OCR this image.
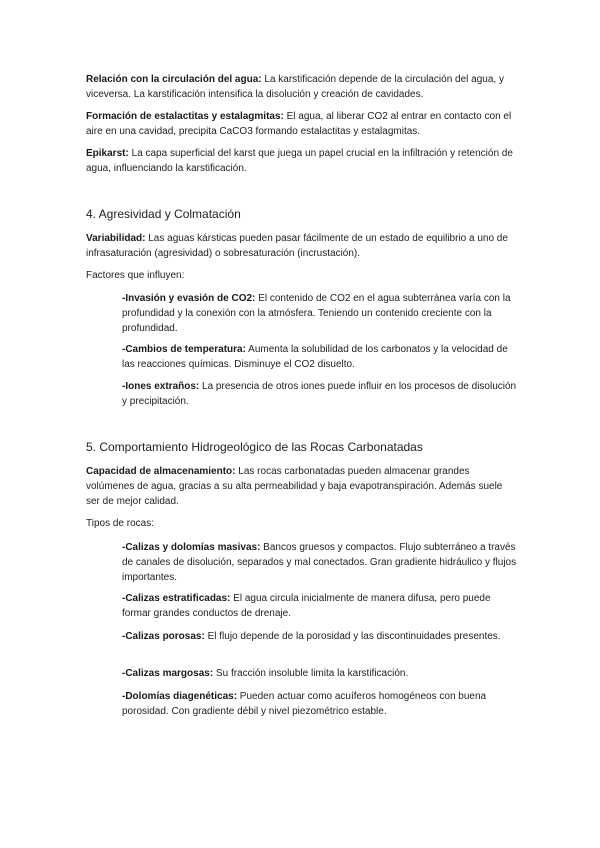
Relación con la circulación del agua: La karstificación depende de la circulación del agua, y viceversa. La karstificación intensifica la disolución y creación de cavidades.

Formación de estalactitas y estalagmitas: El agua, al liberar CO2 al entrar en contacto con el aire en una cavidad, precipita CaCO3 formando estalactitas y estalagmitas.

Epikarst: La capa superficial del karst que juega un papel crucial en la infiltración y retención de agua, influenciando la karstificación.

4. Agresividad y Colmatación

Variabilidad: Las aguas kársticas pueden pasar fácilmente de un estado de equilibrio a uno de infrasaturación (agresividad) o sobresaturación (incrustación).

Factores que influyen:

-Invasión y evasión de CO2: El contenido de CO2 en el agua subterránea varía con la profundidad y la conexión con la atmósfera. Teniendo un contenido creciente con la profundidad.

-Cambios de temperatura: Aumenta la solubilidad de los carbonatos y la velocidad de las reacciones químicas. Disminuye el CO2 disuelto.

-Iones extraños: La presencia de otros iones puede influir en los procesos de disolución y precipitación.

5. Comportamiento Hidrogeológico de las Rocas Carbonatadas

Capacidad de almacenamiento: Las rocas carbonatadas pueden almacenar grandes volúmenes de agua, gracias a su alta permeabilidad y baja evapotranspiración. Además suele ser de mejor calidad.

Tipos de rocas:

-Calizas y dolomías masivas: Bancos gruesos y compactos. Flujo subterráneo a través de canales de disolución, separados y mal conectados. Gran gradiente hidráulico y flujos importantes.

-Calizas estratificadas: El agua circula inicialmente de manera difusa, pero puede formar grandes conductos de drenaje.

-Calizas porosas: El flujo depende de la porosidad y las discontinuidades presentes.

-Calizas margosas: Su fracción insoluble limita la karstificación.

-Dolomías diagenéticas: Pueden actuar como acuíferos homogéneos con buena porosidad. Con gradiente débil y nivel piezométrico estable.
